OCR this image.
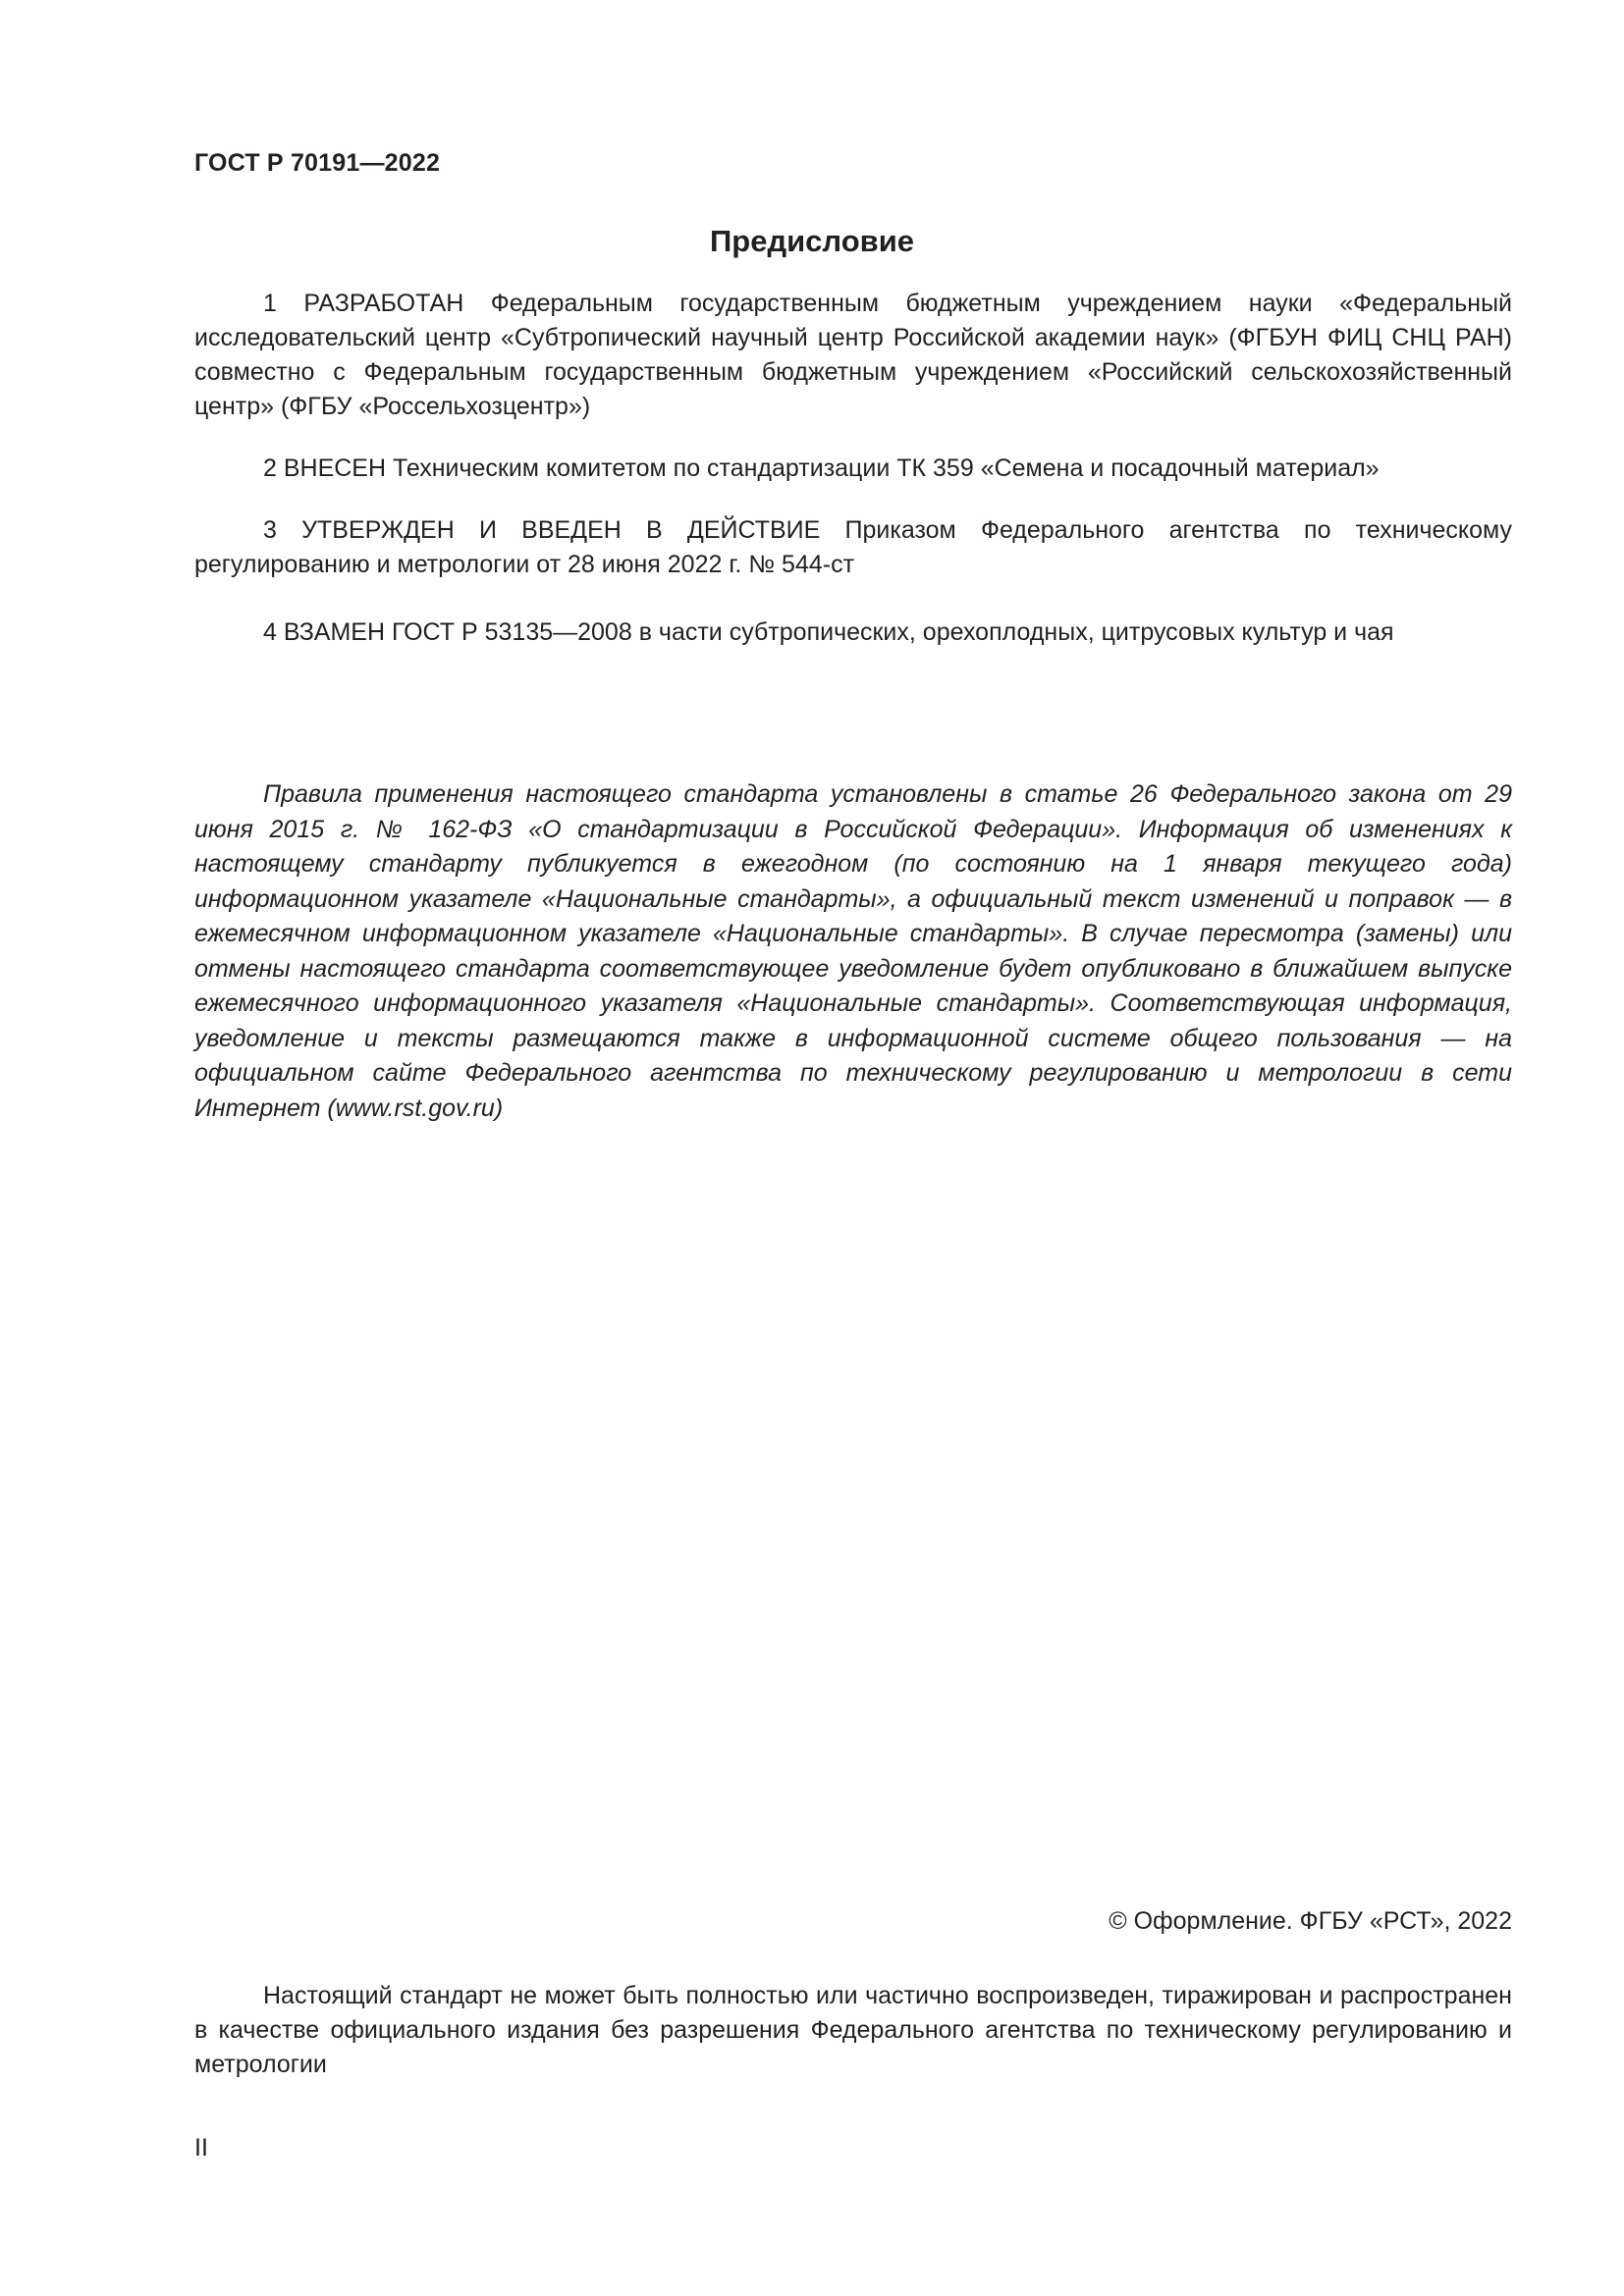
ГОСТ Р 70191—2022
Предисловие

1 РАЗРАБОТАН Федеральным государственным бюджетным учреждением науки «Федеральный исследовательский центр «Субтропический научный центр Российской академии наук» (ФГБУН ФИЦ СНЦ РАН) совместно с Федеральным государственным бюджетным учреждением «Российский сельскохозяйственный центр» (ФГБУ «Россельхозцентр»)

2 ВНЕСЕН Техническим комитетом по стандартизации ТК 359 «Семена и посадочный материал»

3 УТВЕРЖДЕН И ВВЕДЕН В ДЕЙСТВИЕ Приказом Федерального агентства по техническому регулированию и метрологии от 28 июня 2022 г. № 544-ст

4 ВЗАМЕН ГОСТ Р 53135—2008 в части субтропических, орехоплодных, цитрусовых культур и чая

Правила применения настоящего стандарта установлены в статье 26 Федерального закона от 29 июня 2015 г. № 162-ФЗ «О стандартизации в Российской Федерации». Информация об изменениях к настоящему стандарту публикуется в ежегодном (по состоянию на 1 января текущего года) информационном указателе «Национальные стандарты», а официальный текст изменений и поправок — в ежемесячном информационном указателе «Национальные стандарты». В случае пересмотра (замены) или отмены настоящего стандарта соответствующее уведомление будет опубликовано в ближайшем выпуске ежемесячного информационного указателя «Национальные стандарты». Соответствующая информация, уведомление и тексты размещаются также в информационной системе общего пользования — на официальном сайте Федерального агентства по техническому регулированию и метрологии в сети Интернет (www.rst.gov.ru)

© Оформление. ФГБУ «РСТ», 2022

Настоящий стандарт не может быть полностью или частично воспроизведен, тиражирован и распространен в качестве официального издания без разрешения Федерального агентства по техническому регулированию и метрологии

II
